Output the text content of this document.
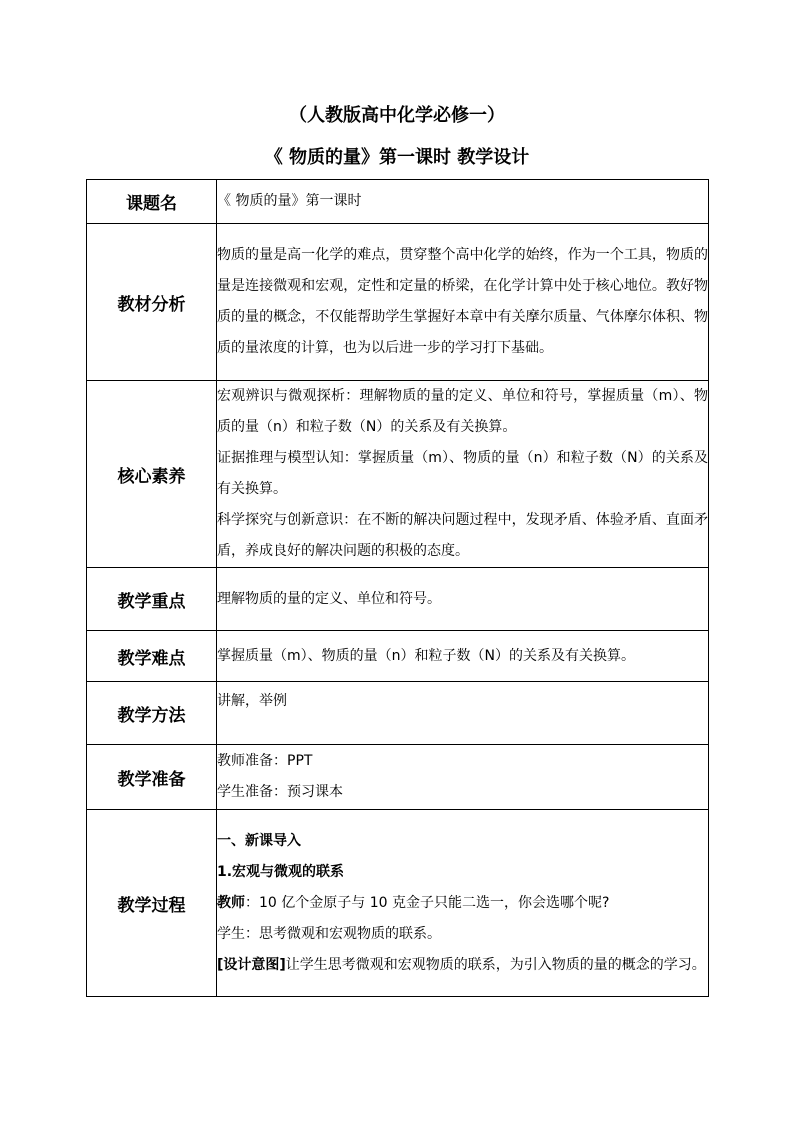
（人教版高中化学必修一）
《 物质的量》第一课时 教学设计
课题名	《 物质的量》第一课时
教材分析	物质的量是高一化学的难点，贯穿整个高中化学的始终，作为一个工具，物质的量是连接微观和宏观，定性和定量的桥梁，在化学计算中处于核心地位。教好物质的量的概念，不仅能帮助学生掌握好本章中有关摩尔质量、气体摩尔体积、物质的量浓度的计算，也为以后进一步的学习打下基础。
核心素养	宏观辨识与微观探析：理解物质的量的定义、单位和符号，掌握质量（m）、物质的量（n）和粒子数（N）的关系及有关换算。

证据推理与模型认知：掌握质量（m）、物质的量（n）和粒子数（N）的关系及有关换算。

科学探究与创新意识：在不断的解决问题过程中，发现矛盾、体验矛盾、直面矛盾，养成良好的解决问题的积极的态度。

教学重点	理解物质的量的定义、单位和符号。
教学难点	掌握质量（m）、物质的量（n）和粒子数（N）的关系及有关换算。
教学方法	讲解，举例
教学准备	教师准备：PPT

学生准备：预习课本

教学过程	一、新课导入

1.宏观与微观的联系

教师：10 亿个金原子与 10 克金子只能二选一，你会选哪个呢?

学生：思考微观和宏观物质的联系。

[设计意图]让学生思考微观和宏观物质的联系，为引入物质的量的概念的学习。
